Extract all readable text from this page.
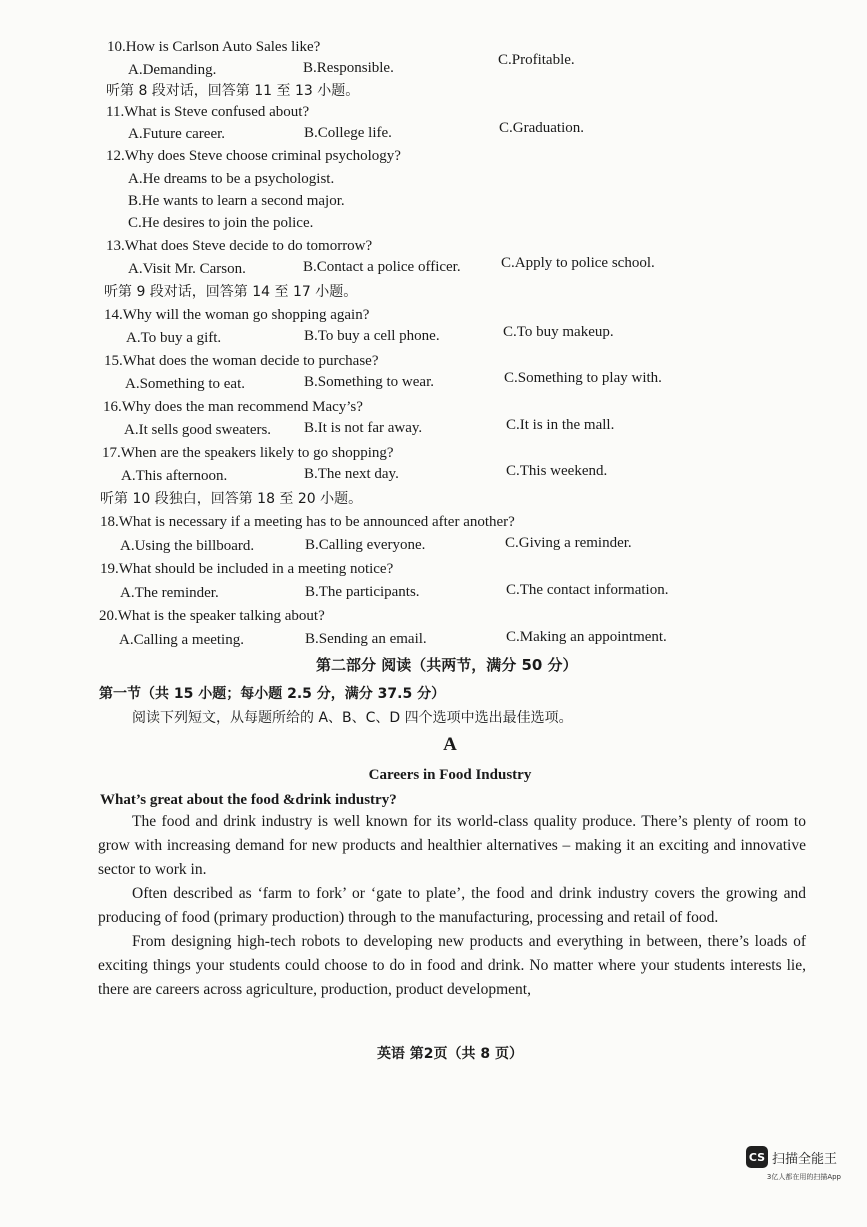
10.How is Carlson Auto Sales like?
A.Demanding.	B.Responsible.	C.Profitable.
听第 8 段对话，回答第 11 至 13 小题。
11.What is Steve confused about?
A.Future career.	B.College life.	C.Graduation.
12.Why does Steve choose criminal psychology?
A.He dreams to be a psychologist.
B.He wants to learn a second major.
C.He desires to join the police.
13.What does Steve decide to do tomorrow?
A.Visit Mr. Carson.	B.Contact a police officer.	C.Apply to police school.
听第 9 段对话，回答第 14 至 17 小题。
14.Why will the woman go shopping again?
A.To buy a gift.	B.To buy a cell phone.	C.To buy makeup.
15.What does the woman decide to purchase?
A.Something to eat.	B.Something to wear.	C.Something to play with.
16.Why does the man recommend Macy’s?
A.It sells good sweaters. B.It is not far away.	C.It is in the mall.
17.When are the speakers likely to go shopping?
A.This afternoon.	B.The next day.	C.This weekend.
听第 10 段独白，回答第 18 至 20 小题。
18.What is necessary if a meeting has to be announced after another?
A.Using the billboard.	B.Calling everyone.	C.Giving a reminder.
19.What should be included in a meeting notice?
A.The reminder.	B.The participants.	C.The contact information.
20.What is the speaker talking about?
A.Calling a meeting.	B.Sending an email.	C.Making an appointment.
第二部分 阅读（共两节，满分 50 分）
第一节（共 15 小题；每小题 2.5 分，满分 37.5 分）
阅读下列短文，从每题所给的 A、B、C、D 四个选项中选出最佳选项。
A
Careers in Food Industry
What’s great about the food &drink industry?

The food and drink industry is well known for its world-class quality produce. There’s plenty of room to grow with increasing demand for new products and healthier alternatives – making it an exciting and innovative sector to work in.

Often described as ‘farm to fork’ or ‘gate to plate’, the food and drink industry covers the growing and producing of food (primary production) through to the manufacturing, processing and retail of food.

From designing high-tech robots to developing new products and everything in between, there’s loads of exciting things your students could choose to do in food and drink. No matter where your students interests lie, there are careers across agriculture, production, product development,

英语 第2页（共 8 页）
CS 扫描全能王
3亿人都在用的扫描App
